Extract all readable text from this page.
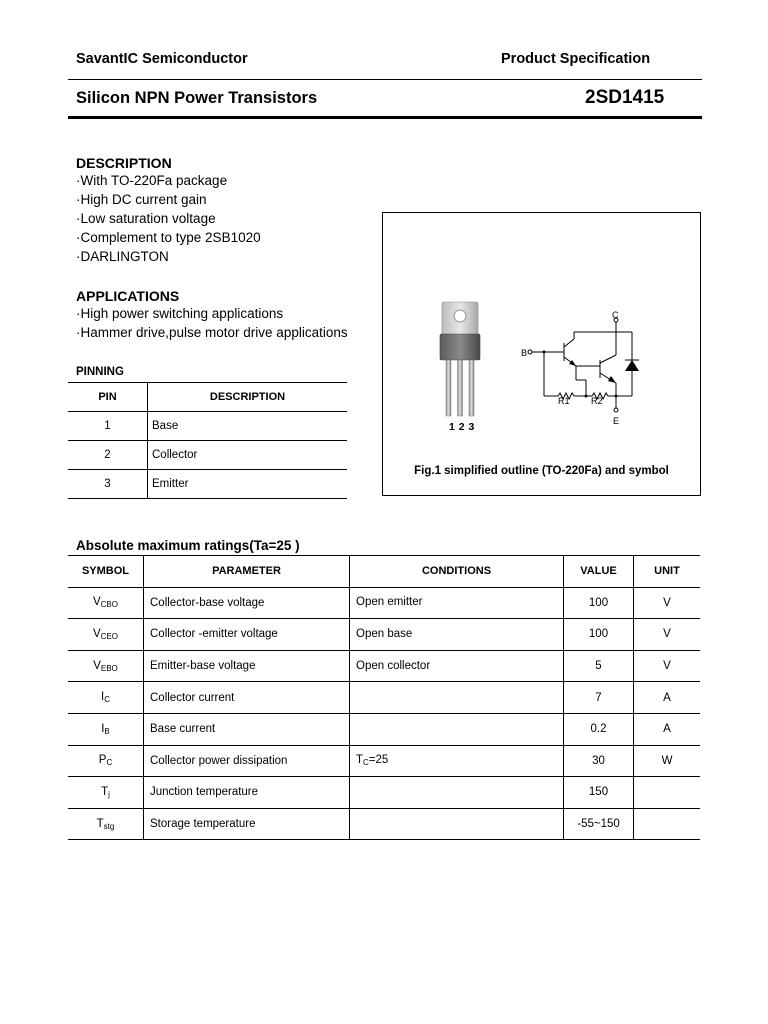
SavantIC Semiconductor	Product Specification
Silicon NPN Power Transistors	2SD1415
DESCRIPTION
·With TO-220Fa package
·High DC current gain
·Low saturation voltage
·Complement to type 2SB1020
·DARLINGTON
APPLICATIONS
·High power switching applications
·Hammer drive,pulse motor drive applications
PINNING
PIN	DESCRIPTION
1	Base
2	Collector
3	Emitter
1 2 3
C
B
E
R1 R2
Fig.1 simplified outline (TO-220Fa) and symbol
Absolute maximum ratings(Ta=25 )
SYMBOL	PARAMETER	CONDITIONS	VALUE	UNIT
$V_{CBO}$	Collector-base voltage	Open emitter	100	V
$V_{CEO}$	Collector -emitter voltage	Open base	100	V
$V_{EBO}$	Emitter-base voltage	Open collector	5	V
$I_C$	Collector current		7	A
$I_B$	Base current		0.2	A
$P_C$	Collector power dissipation	$T_C=25$	30	W
$T_j$	Junction temperature		150	
$T_{stg}$	Storage temperature		-55~150	
